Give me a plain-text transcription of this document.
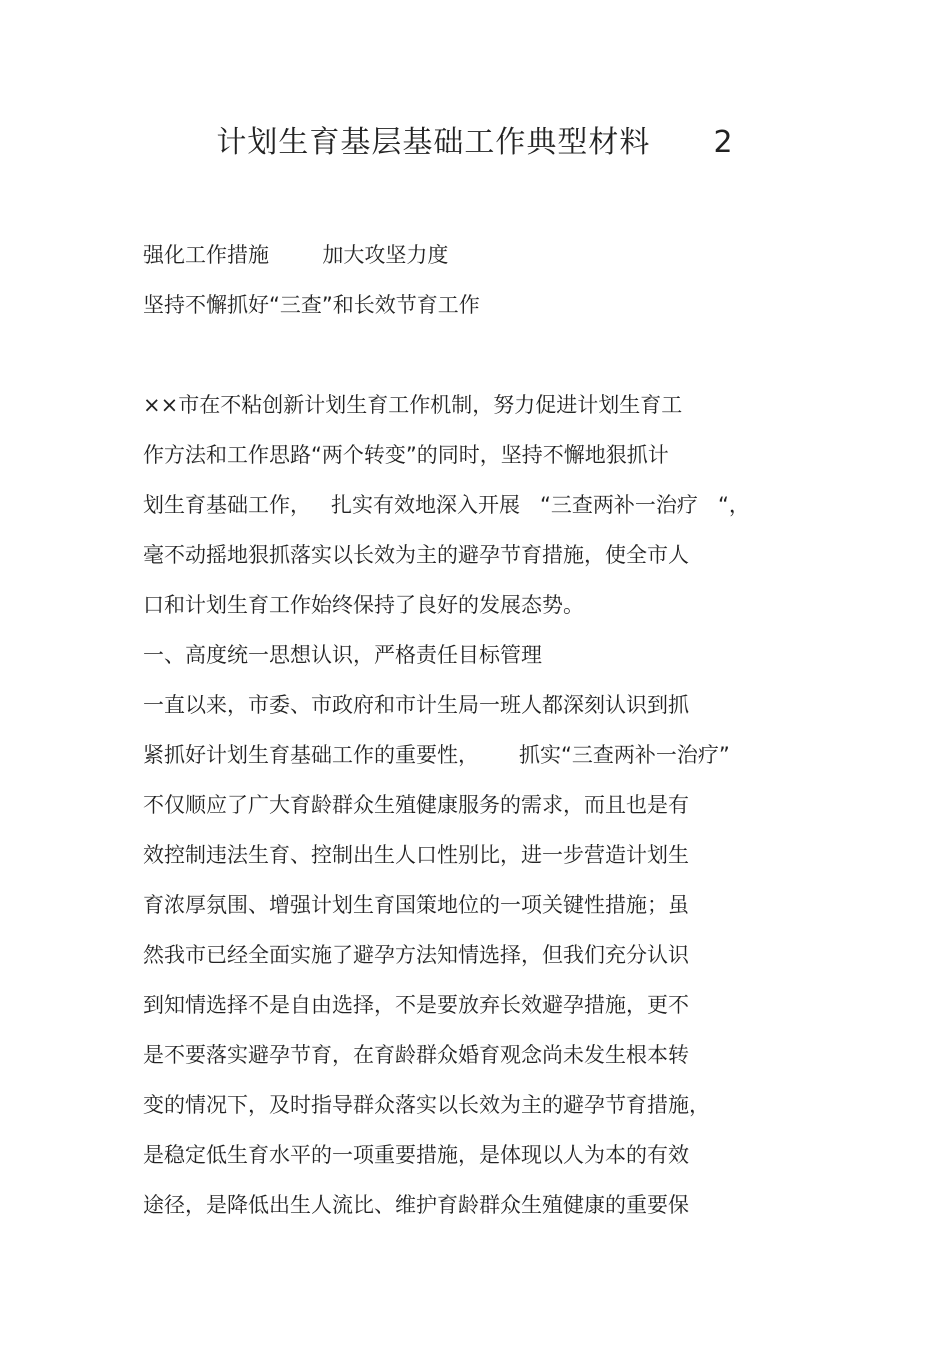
计划生育基层基础工作典型材料      2
强化工作措施        加大攻坚力度
坚持不懈抓好“三查”和长效节育工作
××市在不粘创新计划生育工作机制，努力促进计划生育工
作方法和工作思路“两个转变”的同时，坚持不懈地狠抓计
划生育基础工作，   扎实有效地深入开展   “三查两补一治疗   “，
毫不动摇地狠抓落实以长效为主的避孕节育措施，使全市人
口和计划生育工作始终保持了良好的发展态势。
一、高度统一思想认识，严格责任目标管理
一直以来，市委、市政府和市计生局一班人都深刻认识到抓
紧抓好计划生育基础工作的重要性，      抓实“三查两补一治疗”
不仅顺应了广大育龄群众生殖健康服务的需求，而且也是有
效控制违法生育、控制出生人口性别比，进一步营造计划生
育浓厚氛围、增强计划生育国策地位的一项关键性措施；虽
然我市已经全面实施了避孕方法知情选择，但我们充分认识
到知情选择不是自由选择，不是要放弃长效避孕措施，更不
是不要落实避孕节育，在育龄群众婚育观念尚未发生根本转
变的情况下，及时指导群众落实以长效为主的避孕节育措施，
是稳定低生育水平的一项重要措施，是体现以人为本的有效
途径，是降低出生人流比、维护育龄群众生殖健康的重要保
